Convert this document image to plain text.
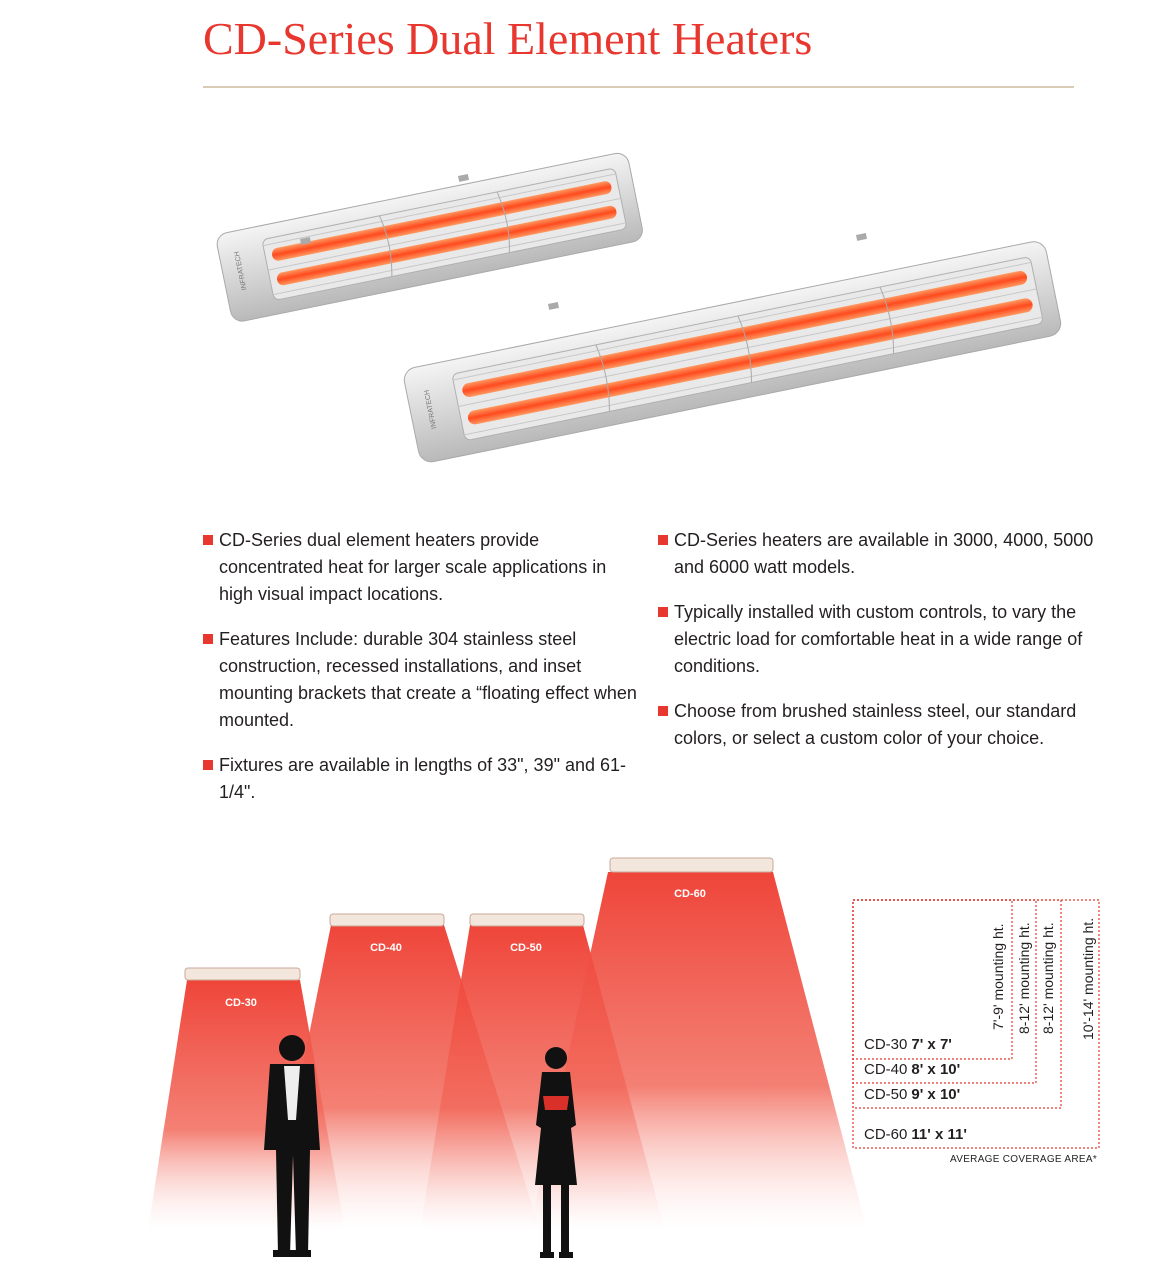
CD-Series Dual Element Heaters
INFRATECH
INFRATECH
CD-Series dual element heaters provide concentrated heat for larger scale applications in high visual impact locations.
Features Include: durable 304 stainless steel construction, recessed installations, and inset mounting brackets that create a “floating effect when mounted.
Fixtures are available in lengths of 33", 39" and 61-1/4".
CD-Series heaters are available in 3000, 4000, 5000 and 6000 watt models.
Typically installed with custom controls, to vary the electric load for comfortable heat in a wide range of conditions.
Choose from brushed stainless steel, our standard colors, or select a custom color of your choice.
CD-30
CD-40	CD-50
CD-60
CD-30 7' x 7'
CD-40 8' x 10'
CD-50 9' x 10'
CD-60 11' x 11'
7'-9' mounting ht. 8-12' mounting ht. 8-12' mounting ht. 10'-14' mounting ht.
AVERAGE COVERAGE AREA*
